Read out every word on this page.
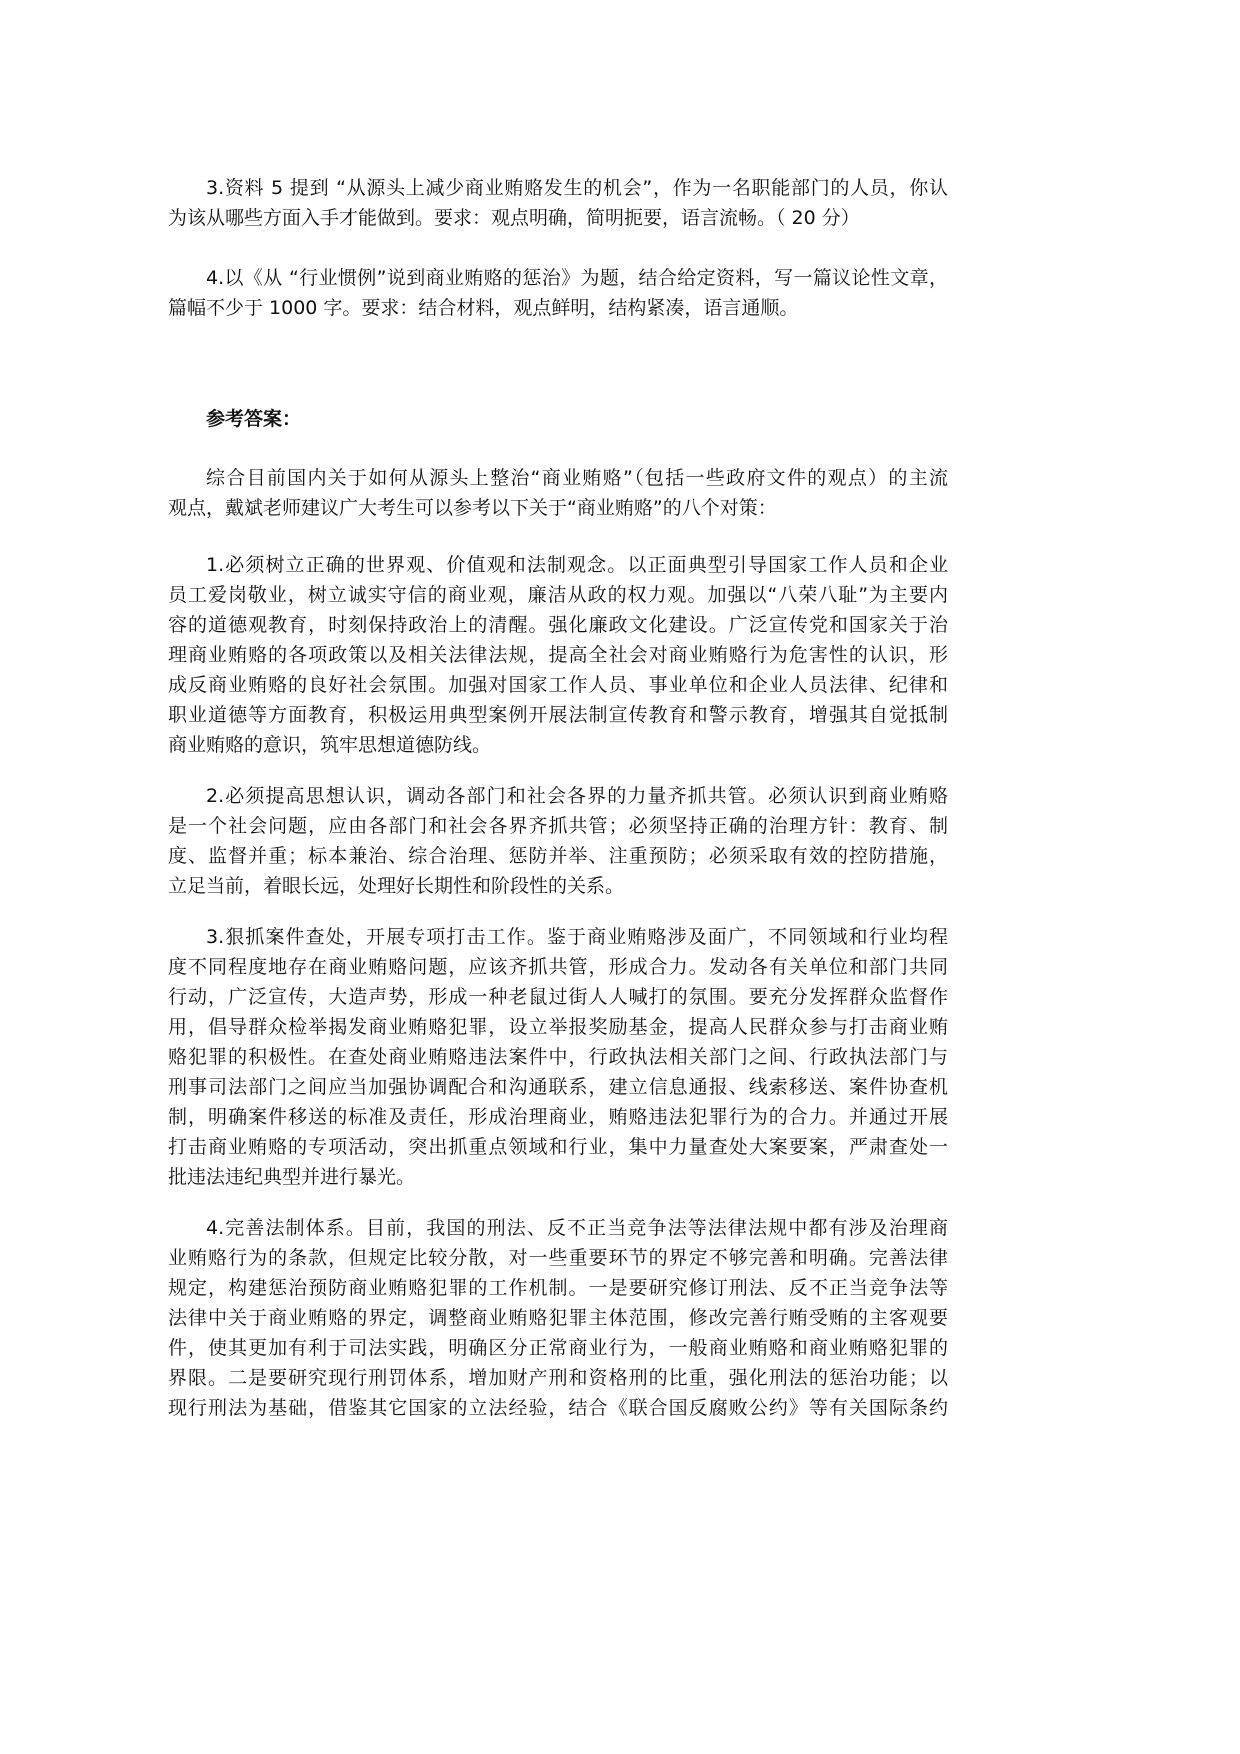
3.资料 5 提到 “从源头上减少商业贿赂发生的机会”，作为一名职能部门的人员，你认
为该从哪些方面入手才能做到。要求：观点明确，简明扼要，语言流畅。（ 20 分）
4.以《从 “行业惯例”说到商业贿赂的惩治》为题，结合给定资料，写一篇议论性文章，
篇幅不少于 1000 字。要求：结合材料，观点鲜明，结构紧凑，语言通顺。
参考答案：
综合目前国内关于如何从源头上整治“商业贿赂”（包括一些政府文件的观点）的主流
观点，戴斌老师建议广大考生可以参考以下关于“商业贿赂”的八个对策：
1.必须树立正确的世界观、价值观和法制观念。以正面典型引导国家工作人员和企业
员工爱岗敬业，树立诚实守信的商业观，廉洁从政的权力观。加强以“八荣八耻”为主要内
容的道德观教育，时刻保持政治上的清醒。强化廉政文化建设。广泛宣传党和国家关于治
理商业贿赂的各项政策以及相关法律法规，提高全社会对商业贿赂行为危害性的认识，形
成反商业贿赂的良好社会氛围。加强对国家工作人员、事业单位和企业人员法律、纪律和
职业道德等方面教育，积极运用典型案例开展法制宣传教育和警示教育，增强其自觉抵制
商业贿赂的意识，筑牢思想道德防线。
2.必须提高思想认识，调动各部门和社会各界的力量齐抓共管。必须认识到商业贿赂
是一个社会问题，应由各部门和社会各界齐抓共管；必须坚持正确的治理方针：教育、制
度、监督并重；标本兼治、综合治理、惩防并举、注重预防；必须采取有效的控防措施，
立足当前，着眼长远，处理好长期性和阶段性的关系。
3.狠抓案件查处，开展专项打击工作。鉴于商业贿赂涉及面广，不同领域和行业均程
度不同程度地存在商业贿赂问题，应该齐抓共管，形成合力。发动各有关单位和部门共同
行动，广泛宣传，大造声势，形成一种老鼠过街人人喊打的氛围。要充分发挥群众监督作
用，倡导群众检举揭发商业贿赂犯罪，设立举报奖励基金，提高人民群众参与打击商业贿
赂犯罪的积极性。在查处商业贿赂违法案件中，行政执法相关部门之间、行政执法部门与
刑事司法部门之间应当加强协调配合和沟通联系，建立信息通报、线索移送、案件协查机
制，明确案件移送的标准及责任，形成治理商业，贿赂违法犯罪行为的合力。并通过开展
打击商业贿赂的专项活动，突出抓重点领域和行业，集中力量查处大案要案，严肃查处一
批违法违纪典型并进行暴光。
4.完善法制体系。目前，我国的刑法、反不正当竞争法等法律法规中都有涉及治理商
业贿赂行为的条款，但规定比较分散，对一些重要环节的界定不够完善和明确。完善法律
规定，构建惩治预防商业贿赂犯罪的工作机制。一是要研究修订刑法、反不正当竞争法等
法律中关于商业贿赂的界定，调整商业贿赂犯罪主体范围，修改完善行贿受贿的主客观要
件，使其更加有利于司法实践，明确区分正常商业行为，一般商业贿赂和商业贿赂犯罪的
界限。二是要研究现行刑罚体系，增加财产刑和资格刑的比重，强化刑法的惩治功能；以
现行刑法为基础，借鉴其它国家的立法经验，结合《联合国反腐败公约》等有关国际条约
